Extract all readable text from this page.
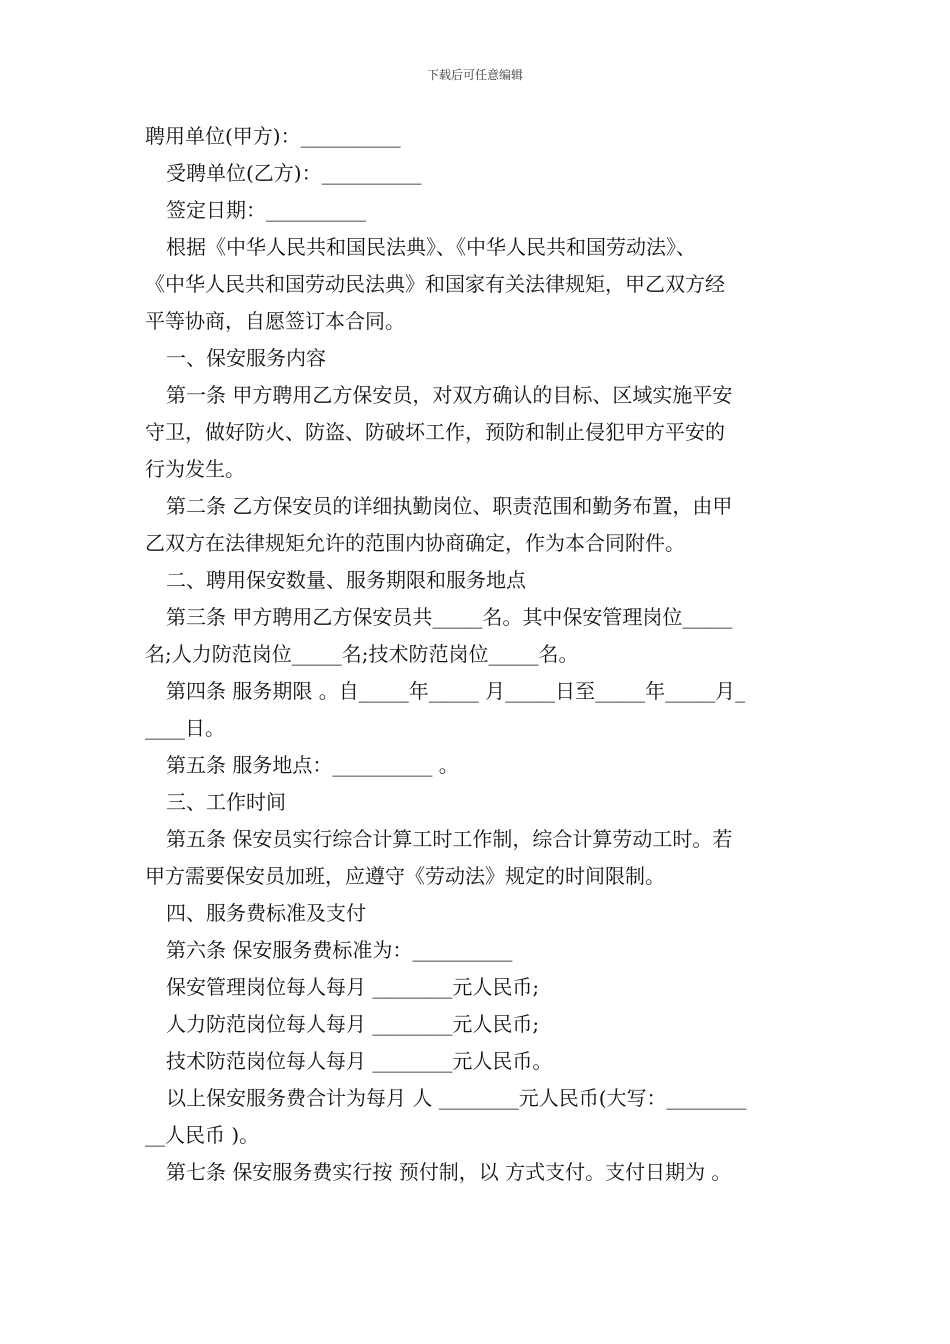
下载后可任意编辑
聘用单位(甲方)：__________
受聘单位(乙方)：__________
签定日期：__________
根据《中华人民共和国民法典》、《中华人民共和国劳动法》、
《中华人民共和国劳动民法典》和国家有关法律规矩，甲乙双方经
平等协商，自愿签订本合同。
一、保安服务内容
第一条 甲方聘用乙方保安员，对双方确认的目标、区域实施平安
守卫，做好防火、防盗、防破坏工作，预防和制止侵犯甲方平安的
行为发生。
第二条 乙方保安员的详细执勤岗位、职责范围和勤务布置，由甲
乙双方在法律规矩允许的范围内协商确定，作为本合同附件。
二、聘用保安数量、服务期限和服务地点
第三条 甲方聘用乙方保安员共_____名。其中保安管理岗位_____
名;人力防范岗位_____名;技术防范岗位_____名。
第四条 服务期限 。自_____年_____ 月_____日至_____年_____月_
____日。
第五条 服务地点：__________ 。
三、工作时间
第五条 保安员实行综合计算工时工作制，综合计算劳动工时。若
甲方需要保安员加班，应遵守《劳动法》规定的时间限制。
四、服务费标准及支付
第六条 保安服务费标准为：__________
保安管理岗位每人每月 ________元人民币;
人力防范岗位每人每月 ________元人民币;
技术防范岗位每人每月 ________元人民币。
以上保安服务费合计为每月 人 ________元人民币(大写：________
__人民币 )。
第七条 保安服务费实行按 预付制，以 方式支付。支付日期为 。
